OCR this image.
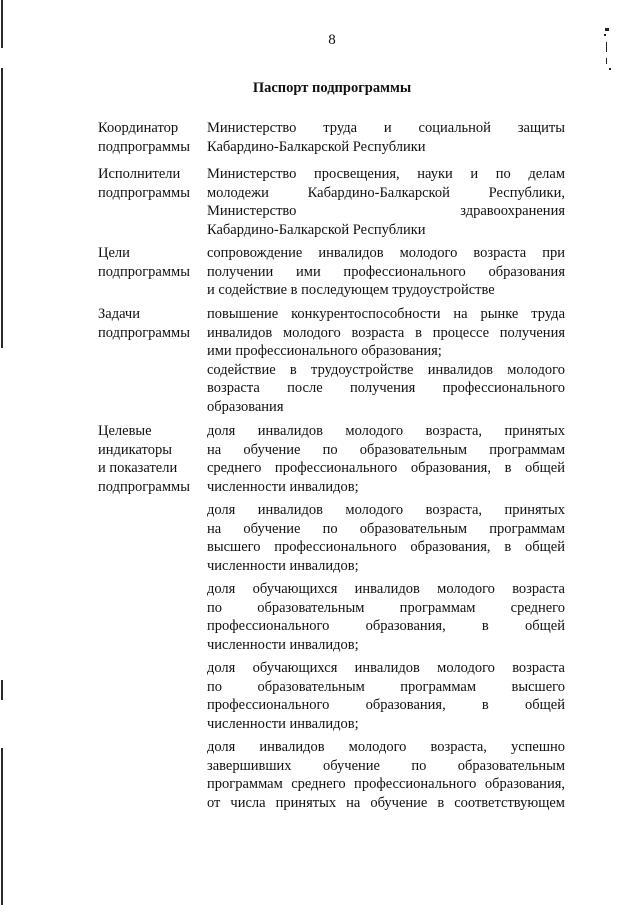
8
Паспорт подпрограммы
Координатор
подпрограммы
Министерство труда и социальной защиты
Кабардино-Балкарской Республики
Исполнители
подпрограммы
Министерство просвещения, науки и по делам
молодежи Кабардино-Балкарской Республики,
Министерство здравоохранения
Кабардино-Балкарской Республики
Цели
подпрограммы
сопровождение инвалидов молодого возраста при
получении ими профессионального образования
и содействие в последующем трудоустройстве
Задачи
подпрограммы
повышение конкурентоспособности на рынке труда
инвалидов молодого возраста в процессе получения
ими профессионального образования;
содействие в трудоустройстве инвалидов молодого
возраста после получения профессионального
образования
Целевые
индикаторы
и показатели
подпрограммы
доля инвалидов молодого возраста, принятых
на обучение по образовательным программам
среднего профессионального образования, в общей
численности инвалидов;
доля инвалидов молодого возраста, принятых
на обучение по образовательным программам
высшего профессионального образования, в общей
численности инвалидов;
доля обучающихся инвалидов молодого возраста
по образовательным программам среднего
профессионального образования, в общей
численности инвалидов;
доля обучающихся инвалидов молодого возраста
по образовательным программам высшего
профессионального образования, в общей
численности инвалидов;
доля инвалидов молодого возраста, успешно
завершивших обучение по образовательным
программам среднего профессионального образования,
от числа принятых на обучение в соответствующем
